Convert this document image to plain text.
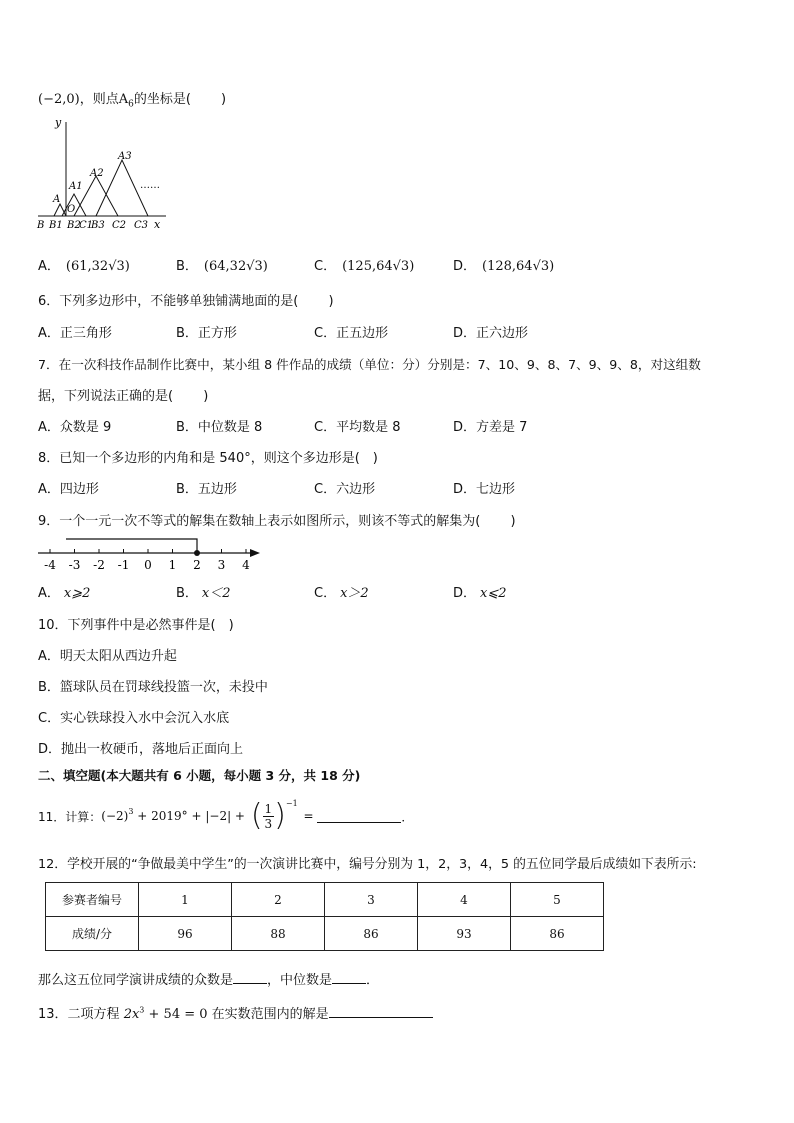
(−2,0)，则点$A_6$的坐标是(　　 )
y
x
A
A1
A2
A3
O
……
B B1 B2
C1
B3 C2 C3
A． (61,32√3)	B． (64,32√3)	C． (125,64√3)	D． (128,64√3)
6．下列多边形中，不能够单独铺满地面的是(　　 )
A．正三角形	B．正方形	C．正五边形	D．正六边形
7．在一次科技作品制作比赛中，某小组 8 件作品的成绩（单位：分）分别是：7、10、9、8、7、9、9、8，对这组数
据，下列说法正确的是(　　 )
A．众数是 9	B．中位数是 8	C．平均数是 8	D．方差是 7
8．已知一个多边形的内角和是 540°，则这个多边形是(　)
A．四边形	B．五边形	C．六边形	D．七边形
9．一个一元一次不等式的解集在数轴上表示如图所示，则该不等式的解集为(　　 )
-4 -3 -2 -1 0 1 2 3 4
A． x⩾2	B． x＜2	C． x＞2	D． x⩽2
10．下列事件中是必然事件是(　)
A．明天太阳从西边升起
B．篮球队员在罚球线投篮一次，未投中
C．实心铁球投入水中会沉入水底
D．抛出一枚硬币，落地后正面向上
二、填空题(本大题共有 6 小题，每小题 3 分，共 18 分)
11．计算： $(-2)^3 + 2019^\circ + |-2|$ + ( $\frac{1}{3} )^{-1}$
=	．
12．学校开展的“争做最美中学生”的一次演讲比赛中，编号分别为 1，2，3，4，5 的五位同学最后成绩如下表所示:
参赛者编号	1	2	3	4	5
成绩/分	96	88	86	93	86
那么这五位同学演讲成绩的众数是	，中位数是	．
13．二项方程 $2x^3 + 54 = 0$ 在实数范围内的解是
